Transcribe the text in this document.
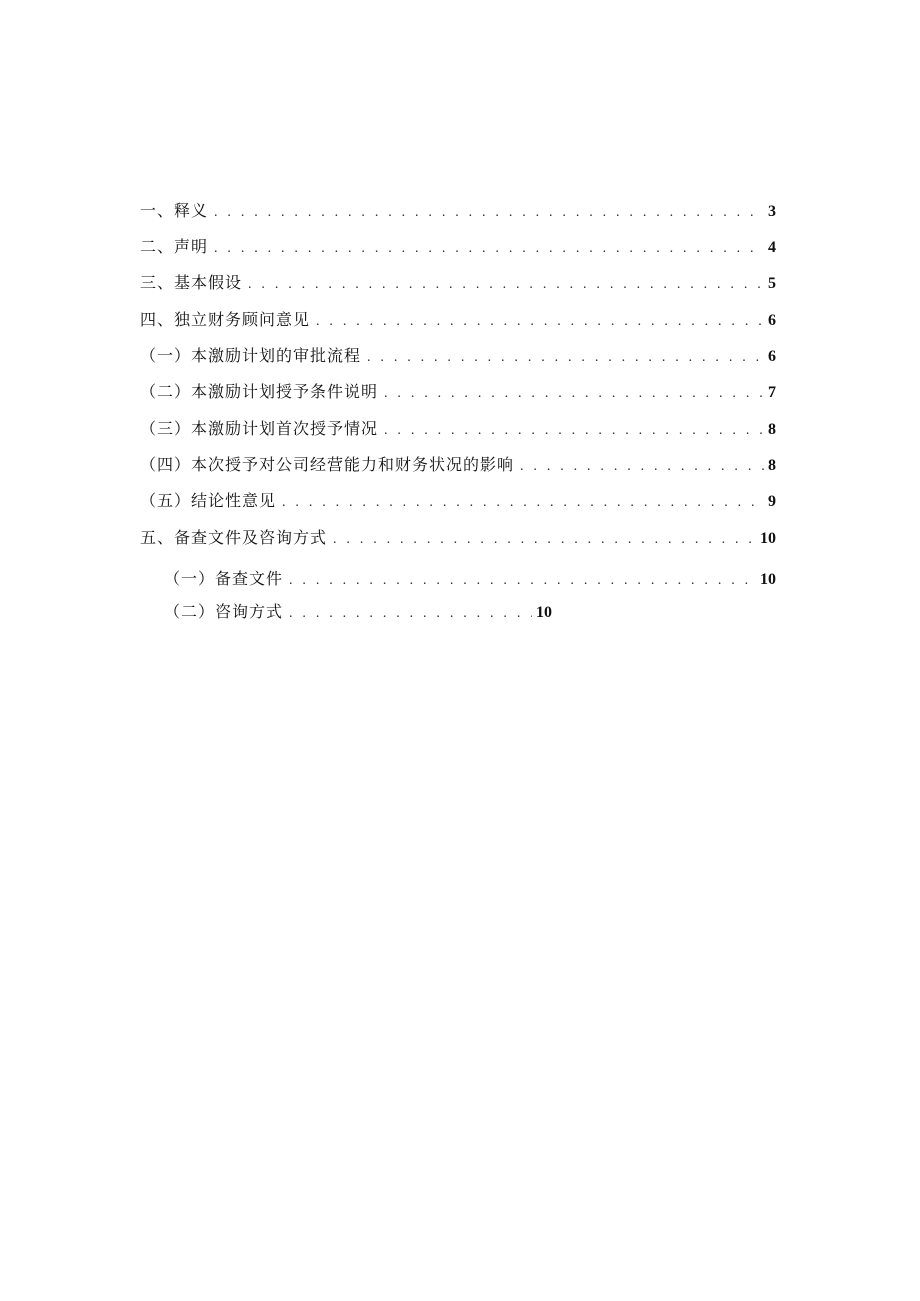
一、释义 . . .	3
二、声明 . . .	4
三、基本假设 . . .	5
四、独立财务顾问意见 . . .	6
（一）本激励计划的审批流程 . . .	6
（二）本激励计划授予条件说明 . . .	7
（三）本激励计划首次授予情况 . . .	8
（四）本次授予对公司经营能力和财务状况的影响 . . .	8
（五）结论性意见 . . .	9
五、备查文件及咨询方式 . . .	10
（一）备查文件 . . .	10
（二）咨询方式 . . .	10
